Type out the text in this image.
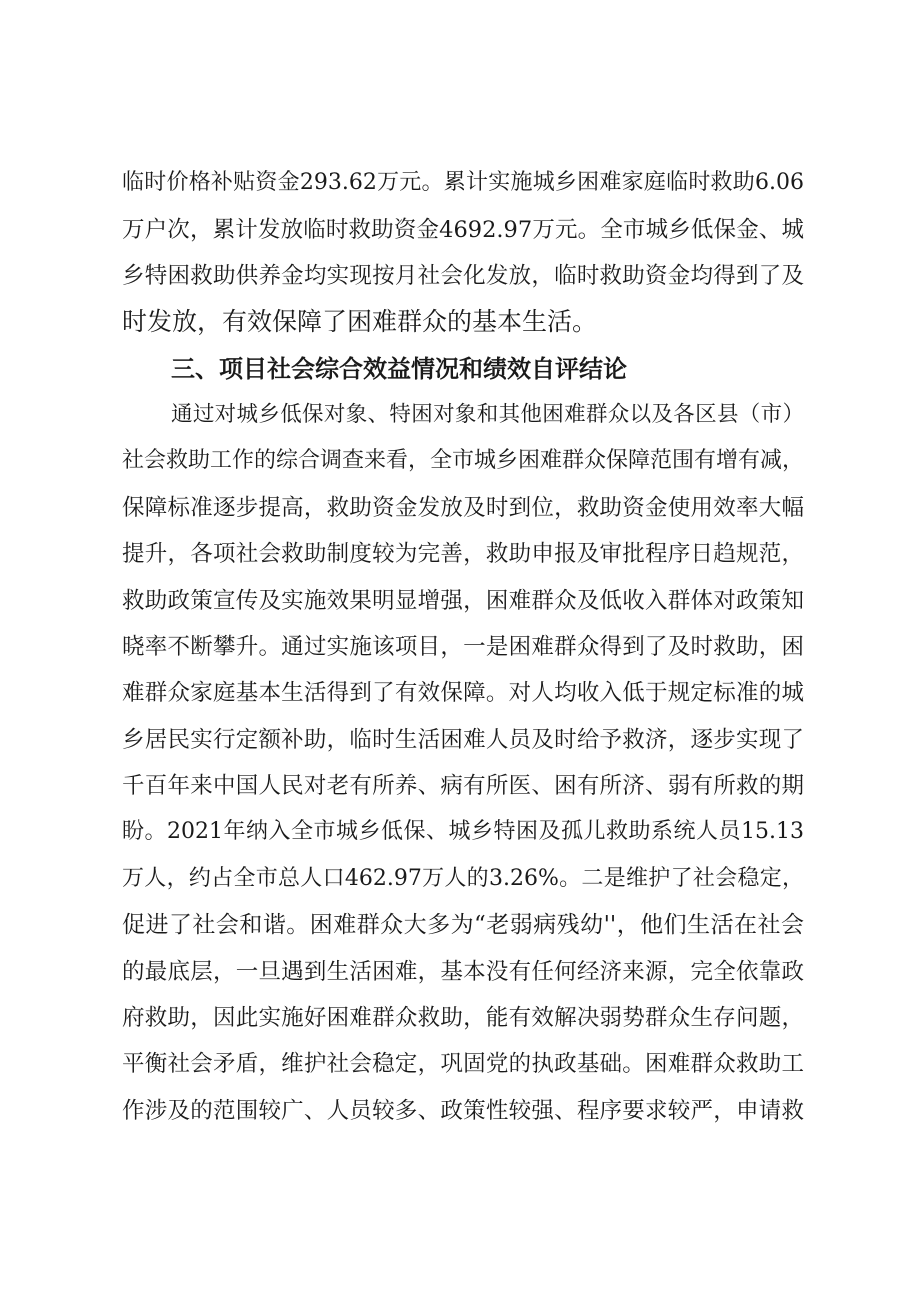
临时价格补贴资金293.62万元。累计实施城乡困难家庭临时救助6.06
万户次，累计发放临时救助资金4692.97万元。全市城乡低保金、城
乡特困救助供养金均实现按月社会化发放，临时救助资金均得到了及
时发放，有效保障了困难群众的基本生活。
三、项目社会综合效益情况和绩效自评结论
通过对城乡低保对象、特困对象和其他困难群众以及各区县（市）
社会救助工作的综合调查来看，全市城乡困难群众保障范围有增有减，
保障标准逐步提高，救助资金发放及时到位，救助资金使用效率大幅
提升，各项社会救助制度较为完善，救助申报及审批程序日趋规范，
救助政策宣传及实施效果明显增强，困难群众及低收入群体对政策知
晓率不断攀升。通过实施该项目，一是困难群众得到了及时救助，困
难群众家庭基本生活得到了有效保障。对人均收入低于规定标准的城
乡居民实行定额补助，临时生活困难人员及时给予救济，逐步实现了
千百年来中国人民对老有所养、病有所医、困有所济、弱有所救的期
盼。2021年纳入全市城乡低保、城乡特困及孤儿救助系统人员15.13
万人，约占全市总人口462.97万人的3.26%。二是维护了社会稳定，
促进了社会和谐。困难群众大多为“老弱病残幼''，他们生活在社会
的最底层，一旦遇到生活困难，基本没有任何经济来源，完全依靠政
府救助，因此实施好困难群众救助，能有效解决弱势群众生存问题，
平衡社会矛盾，维护社会稳定，巩固党的执政基础。困难群众救助工
作涉及的范围较广、人员较多、政策性较强、程序要求较严，申请救
